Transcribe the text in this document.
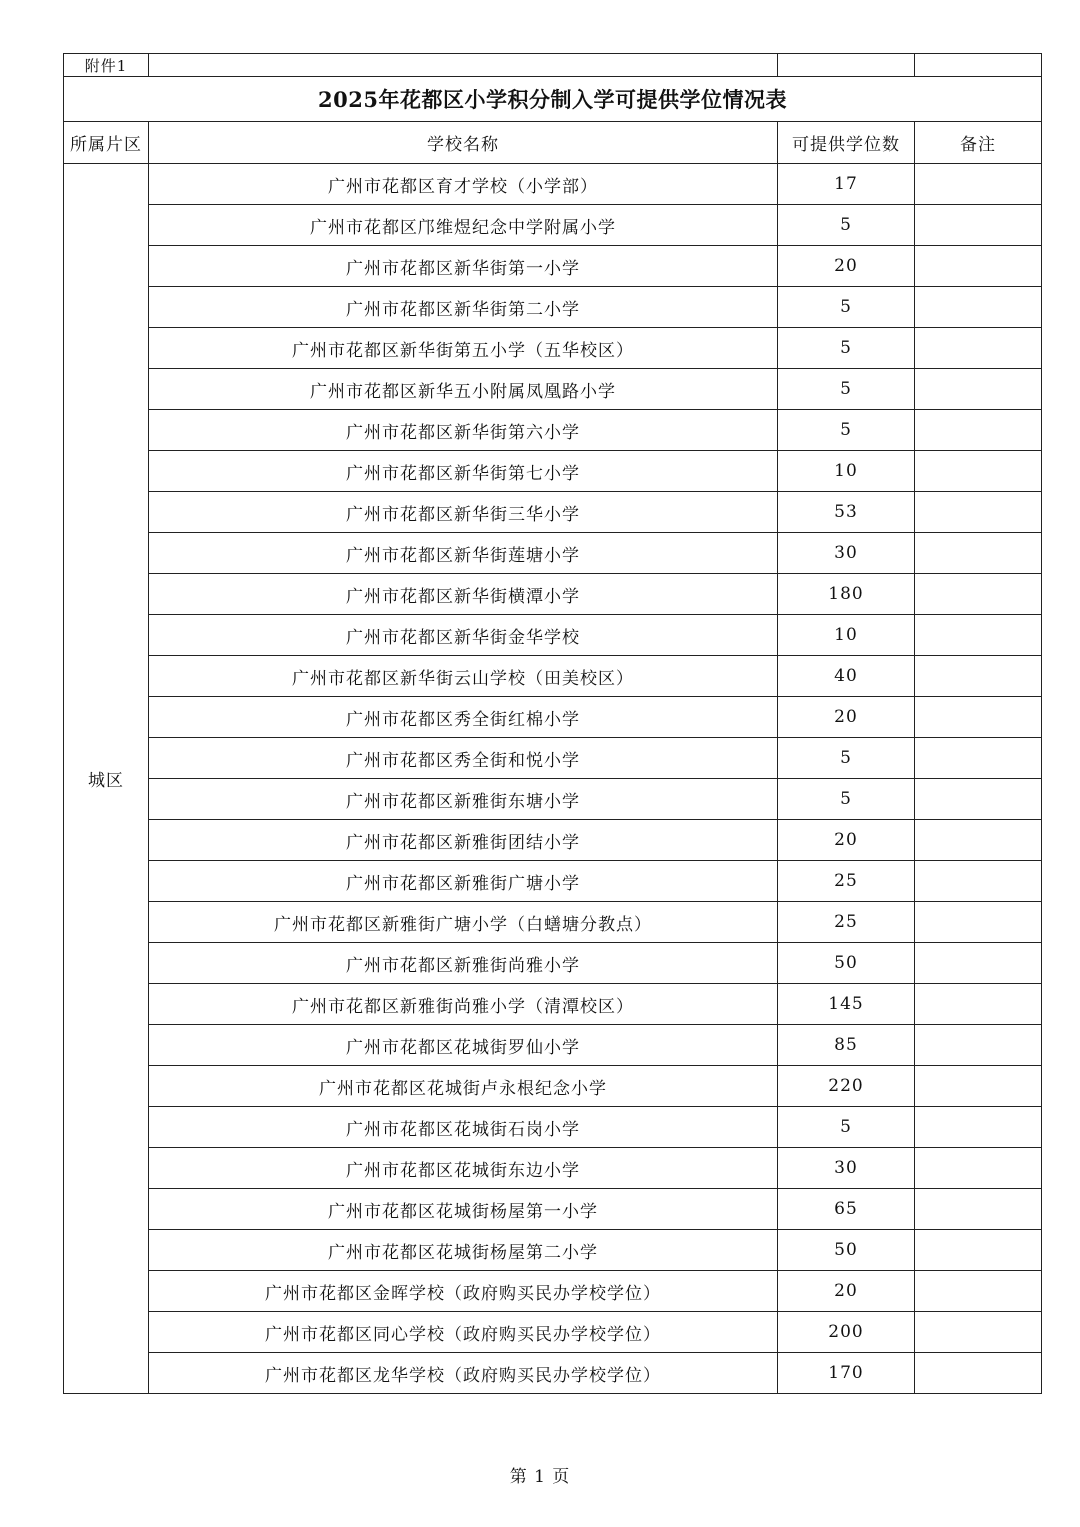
附件1			
2025年花都区小学积分制入学可提供学位情况表			
所属片区	学校名称	可提供学位数	备注
城区	广州市花都区育才学校（小学部）	17	
	广州市花都区邝维煜纪念中学附属小学	5	
	广州市花都区新华街第一小学	20	
	广州市花都区新华街第二小学	5	
	广州市花都区新华街第五小学（五华校区）	5	
	广州市花都区新华五小附属凤凰路小学	5	
	广州市花都区新华街第六小学	5	
	广州市花都区新华街第七小学	10	
	广州市花都区新华街三华小学	53	
	广州市花都区新华街莲塘小学	30	
	广州市花都区新华街横潭小学	180	
	广州市花都区新华街金华学校	10	
	广州市花都区新华街云山学校（田美校区）	40	
	广州市花都区秀全街红棉小学	20	
	广州市花都区秀全街和悦小学	5	
	广州市花都区新雅街东塘小学	5	
	广州市花都区新雅街团结小学	20	
	广州市花都区新雅街广塘小学	25	
	广州市花都区新雅街广塘小学（白蟮塘分教点）	25	
	广州市花都区新雅街尚雅小学	50	
	广州市花都区新雅街尚雅小学（清潭校区）	145	
	广州市花都区花城街罗仙小学	85	
	广州市花都区花城街卢永根纪念小学	220	
	广州市花都区花城街石岗小学	5	
	广州市花都区花城街东边小学	30	
	广州市花都区花城街杨屋第一小学	65	
	广州市花都区花城街杨屋第二小学	50	
	广州市花都区金晖学校（政府购买民办学校学位）	20	
	广州市花都区同心学校（政府购买民办学校学位）	200	
	广州市花都区龙华学校（政府购买民办学校学位）	170	
第 1 页
